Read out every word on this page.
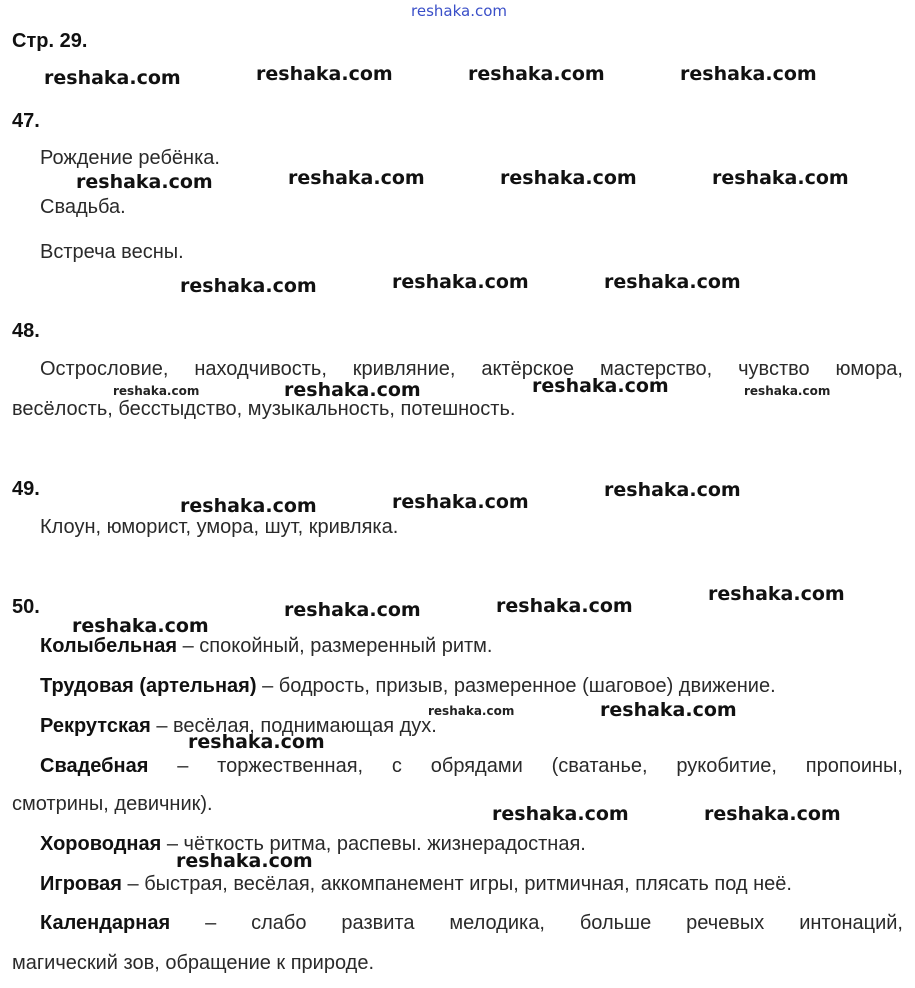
reshaka.com
Стр. 29.
reshaka.com	reshaka.com	reshaka.com	reshaka.com
reshaka.com	reshaka.com	reshaka.com	reshaka.com
reshaka.com	reshaka.com	reshaka.com
reshaka.com	reshaka.com
reshaka.com	reshaka.com
reshaka.com
reshaka.com
reshaka.com	reshaka.com
reshaka.com
reshaka.com
reshaka.com
reshaka.com	reshaka.com
reshaka.com
reshaka.com	reshaka.com
reshaka.com
47.
Рождение ребёнка.
Свадьба.
Встреча весны.
48.
Острословие, находчивость, кривляние, актёрское мастерство, чувство юмора,
весёлость, бесстыдство, музыкальность, потешность.
49.
Клоун, юморист, умора, шут, кривляка.
50.
Колыбельная – спокойный, размеренный ритм.
Трудовая (артельная) – бодрость, призыв, размеренное (шаговое) движение.
Рекрутская – весёлая, поднимающая дух.
Свадебная – торжественная, с обрядами (сватанье, рукобитие, пропоины,
смотрины, девичник).
Хороводная – чёткость ритма, распевы. жизнерадостная.
Игровая – быстрая, весёлая, аккомпанемент игры, ритмичная, плясать под неё.
Календарная – слабо развита мелодика, больше речевых интонаций,
магический зов, обращение к природе.
